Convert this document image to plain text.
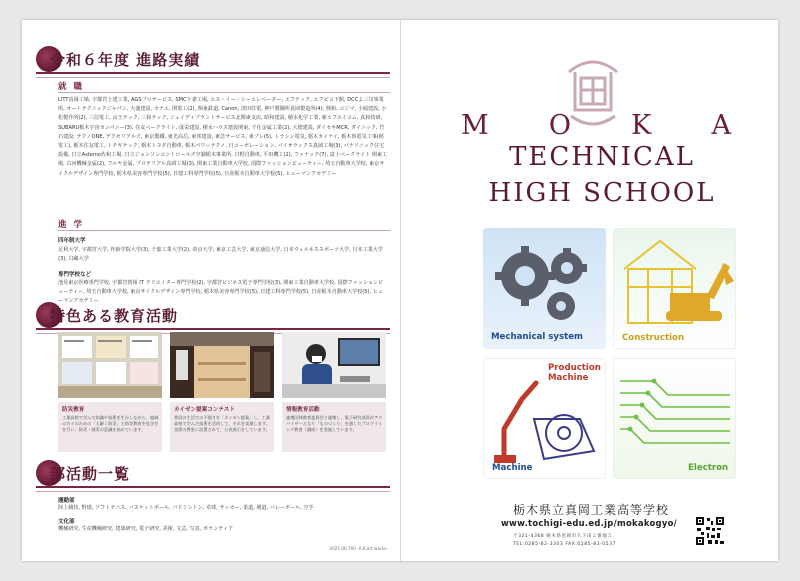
令和６年度 進路実績
就 職
LITT真岡工場, 宇都宮土建工業, AGSプロサービス, SMC下妻工場, エス・イー・シーエレベーター, エフテック, エフピコ下館, DCCよ三川事業所, オートテクニックジャパン, 大盛建設, カナエ, 関電工(2), 関東鉄道, Canon, 清田住電, 神戸製鋼所真岡製造所(4), 興和, コジマ, 小堀建設, 小松製作所(2), 三信電工, 山王テック, 三和テック, ジェイディプラントサービス北関東支店, 昭和建設, 積水化学工業, 新エフエイコム, 真和技研, SUBARU栃木宇宙カンパニー(3), 住友ベークライト, 成栄建設, 積水ハウス建設関東, 千住金属工業(2), 大德建設, ダイセキMCR, ダイニック, 竹石建設, テクノONE, デクセリアルズ, 東京製鐵, 東光高岳, 東邦建設, 東急サービス, 東プレ(5), トラシン電気, 栃木カイケイ, 栃木県電気工事(栃電工), 栃木住友電工, トチギテック, 栃木トヨタ自動車, 栃木パワーテクノ, 日コーポレーション, バイオラックス真岡工場(3), パナソニック住宅設備, 日立Astemo佐和工場, 日立ジョンソンコントロールズ空調栃木事業所, 日野自動車, 平田機工(2), ファナック(7), 富士ベークライト 関東工場, 古河機械金属(2), フルヤ金属, プロテリアル真岡工場(3), 関東工業自動車大学校, 国際ファッションビューティー, 埼玉自動車大学校, 東京サイクルデザイン専門学校, 栃木県美容専門学校(5), 日建工科専門学校(5), 日産栃木自動車大学校(5), ヒューマンアカデミー
進 学
四年制大学
足利大学, 宇都宮大学, 作新学院大学(3), 千葉工業大学(2), 帝京大学, 東京工芸大学, 東京通信大学, 日本ウェルネススポーツ大学, 日本工業大学(3), 白鷗大学
専門学校など
池見東京医療専門学校, 宇都宮情報 IT クリエイター専門学校(2), 宇都宮ビジネス電子専門学校(3), 関東工業自動車大学校, 国際ファッションビューティー, 埼玉自動車大学校, 東京サイクルデザイン専門学校, 栃木県美容専門学校(5), 日建工科専門学校(5), 日産栃木自動車大学校(5), ヒューマンアカデミー
特色ある教育活動
防災教育
工業高校で学んだ知識や技術を生かしながら、地域の方々のための「人解く防災」と防災教育を見学会を行い、防災・減災の意識を高めています。
カイゼン提案コンテスト
普段の生活での不便さを「カイゼン提案」し、工業高校で学んだ技術を活用して、それを実現します。実際の教室に設置されて、公表展示をしています。
情報教育活動
連携団体教育委員会と連携し、電子研究部員がアドバイザーとなり「ものづくり」を通したプログラミング教育（講座）を実施しています。
部活動一覧
運動部
陸上競技, 野球, ソフトテニス, バスケットボール, バドミントン, 卓球, サッカー, 柔道, 剣道, バレーボール, 空手
文化部
機械研究, 生産機械研究, 建築研究, 電子研究, 美術, 文芸, 写真, ボランティア
2025.06.700 -A.K.art works-
M O K A
TECHNICAL
HIGH SCHOOL
Mechanical system	Construction
Production Machine
Machine	Electron
栃木県立真岡工業高等学校
www.tochigi-edu.ed.jp/mokakogyo/
〒321-4368 栃木県真岡市久下田２番地５
TEL:0285-82-3303 FAX:0285-83-0537
